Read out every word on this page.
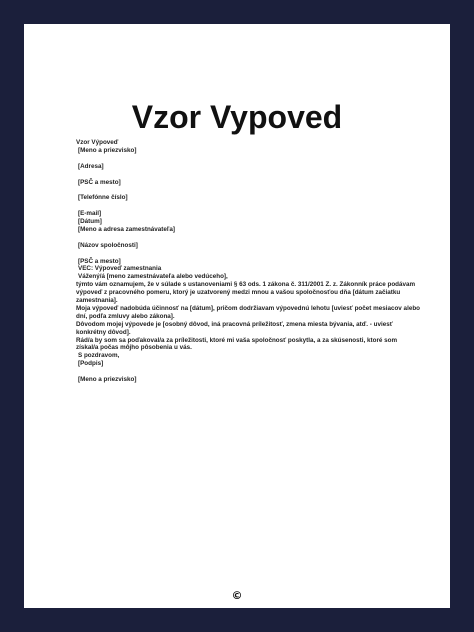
Vzor Vypoved
Vzor Výpoveď
[Meno a priezvisko]
[Adresa]
[PSČ a mesto]
[Telefónne číslo]
[E-mail]
[Dátum]
[Meno a adresa zamestnávateľa]
[Názov spoločnosti]
[PSČ a mesto]
VEC: Výpoveď zamestnania
Vážený/á [meno zamestnávateľa alebo vedúceho],
týmto vám oznamujem, že v súlade s ustanoveniami § 63 ods. 1 zákona č. 311/2001 Z. z. Zákonník práce podávam výpoveď z pracovného pomeru, ktorý je uzatvorený medzi mnou a vašou spoločnosťou dňa [dátum začiatku zamestnania].
Moja výpoveď nadobúda účinnosť na [dátum], pričom dodržiavam výpovednú lehotu [uviesť počet mesiacov alebo dní, podľa zmluvy alebo zákona].
Dôvodom mojej výpovede je [osobný dôvod, iná pracovná príležitosť, zmena miesta bývania, atď. - uviesť konkrétny dôvod].
Rád/a by som sa poďakoval/a za príležitosti, ktoré mi vaša spoločnosť poskytla, a za skúsenosti, ktoré som získal/a počas môjho pôsobenia u vás.
S pozdravom,
[Podpis]
[Meno a priezvisko]
©
